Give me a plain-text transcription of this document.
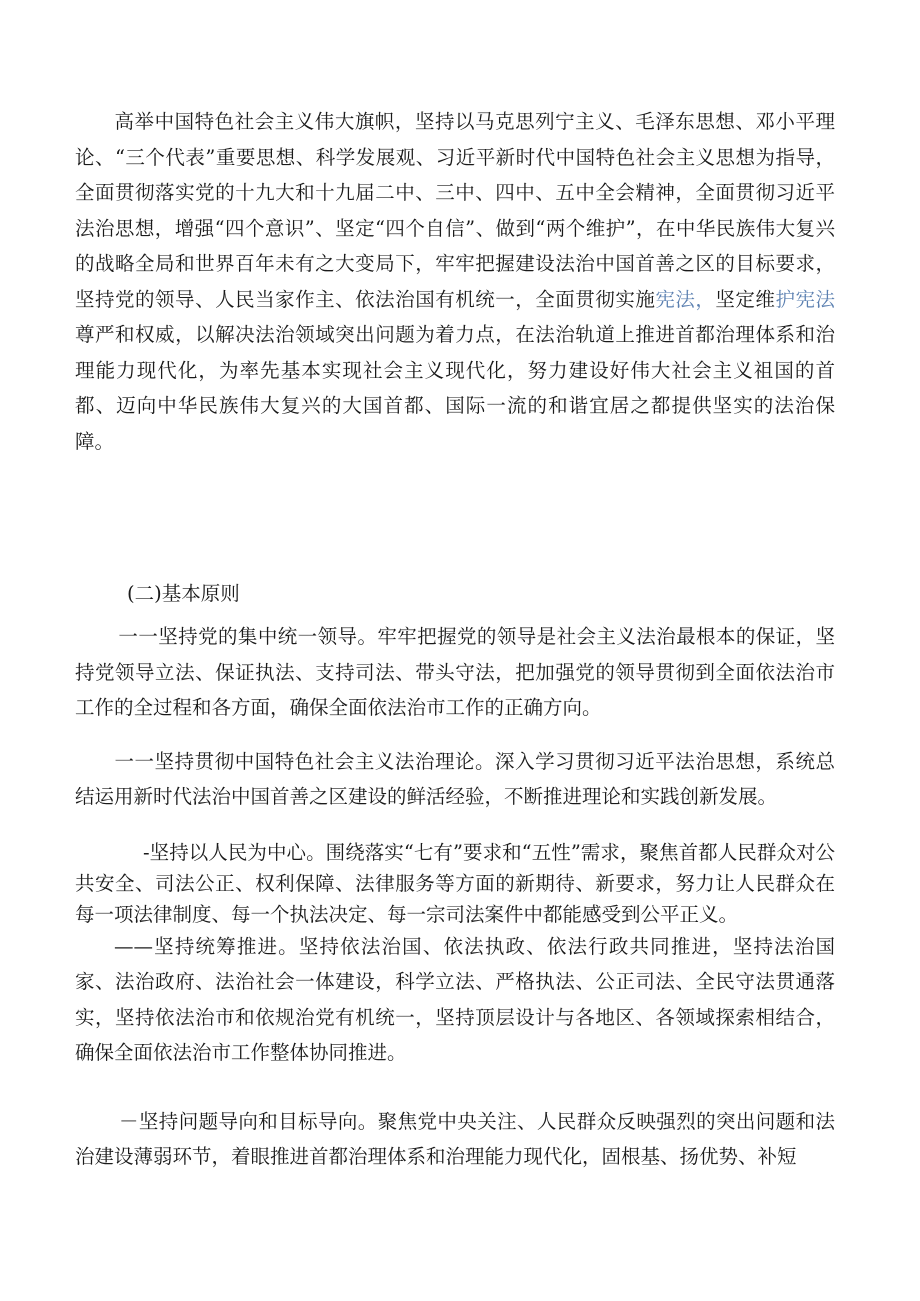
高举中国特色社会主义伟大旗帜，坚持以马克思列宁主义、毛泽东思想、邓小平理论、“三个代表”重要思想、科学发展观、习近平新时代中国特色社会主义思想为指导，全面贯彻落实党的十九大和十九届二中、三中、四中、五中全会精神，全面贯彻习近平法治思想，增强“四个意识”、坚定“四个自信”、做到“两个维护”，在中华民族伟大复兴的战略全局和世界百年未有之大变局下，牢牢把握建设法治中国首善之区的目标要求，坚持党的领导、人民当家作主、依法治国有机统一，全面贯彻实施宪法，坚定维护宪法尊严和权威，以解决法治领域突出问题为着力点，在法治轨道上推进首都治理体系和治理能力现代化，为率先基本实现社会主义现代化，努力建设好伟大社会主义祖国的首都、迈向中华民族伟大复兴的大国首都、国际一流的和谐宜居之都提供坚实的法治保障。

(二)基本原则

一一坚持党的集中统一领导。牢牢把握党的领导是社会主义法治最根本的保证，坚持党领导立法、保证执法、支持司法、带头守法，把加强党的领导贯彻到全面依法治市工作的全过程和各方面，确保全面依法治市工作的正确方向。

一一坚持贯彻中国特色社会主义法治理论。深入学习贯彻习近平法治思想，系统总结运用新时代法治中国首善之区建设的鲜活经验，不断推进理论和实践创新发展。

-坚持以人民为中心。围绕落实“七有”要求和“五性”需求，聚焦首都人民群众对公共安全、司法公正、权利保障、法律服务等方面的新期待、新要求，努力让人民群众在每一项法律制度、每一个执法决定、每一宗司法案件中都能感受到公平正义。

——坚持统筹推进。坚持依法治国、依法执政、依法行政共同推进，坚持法治国家、法治政府、法治社会一体建设，科学立法、严格执法、公正司法、全民守法贯通落实，坚持依法治市和依规治党有机统一，坚持顶层设计与各地区、各领域探索相结合，确保全面依法治市工作整体协同推进。

－坚持问题导向和目标导向。聚焦党中央关注、人民群众反映强烈的突出问题和法治建设薄弱环节，着眼推进首都治理体系和治理能力现代化，固根基、扬优势、补短
